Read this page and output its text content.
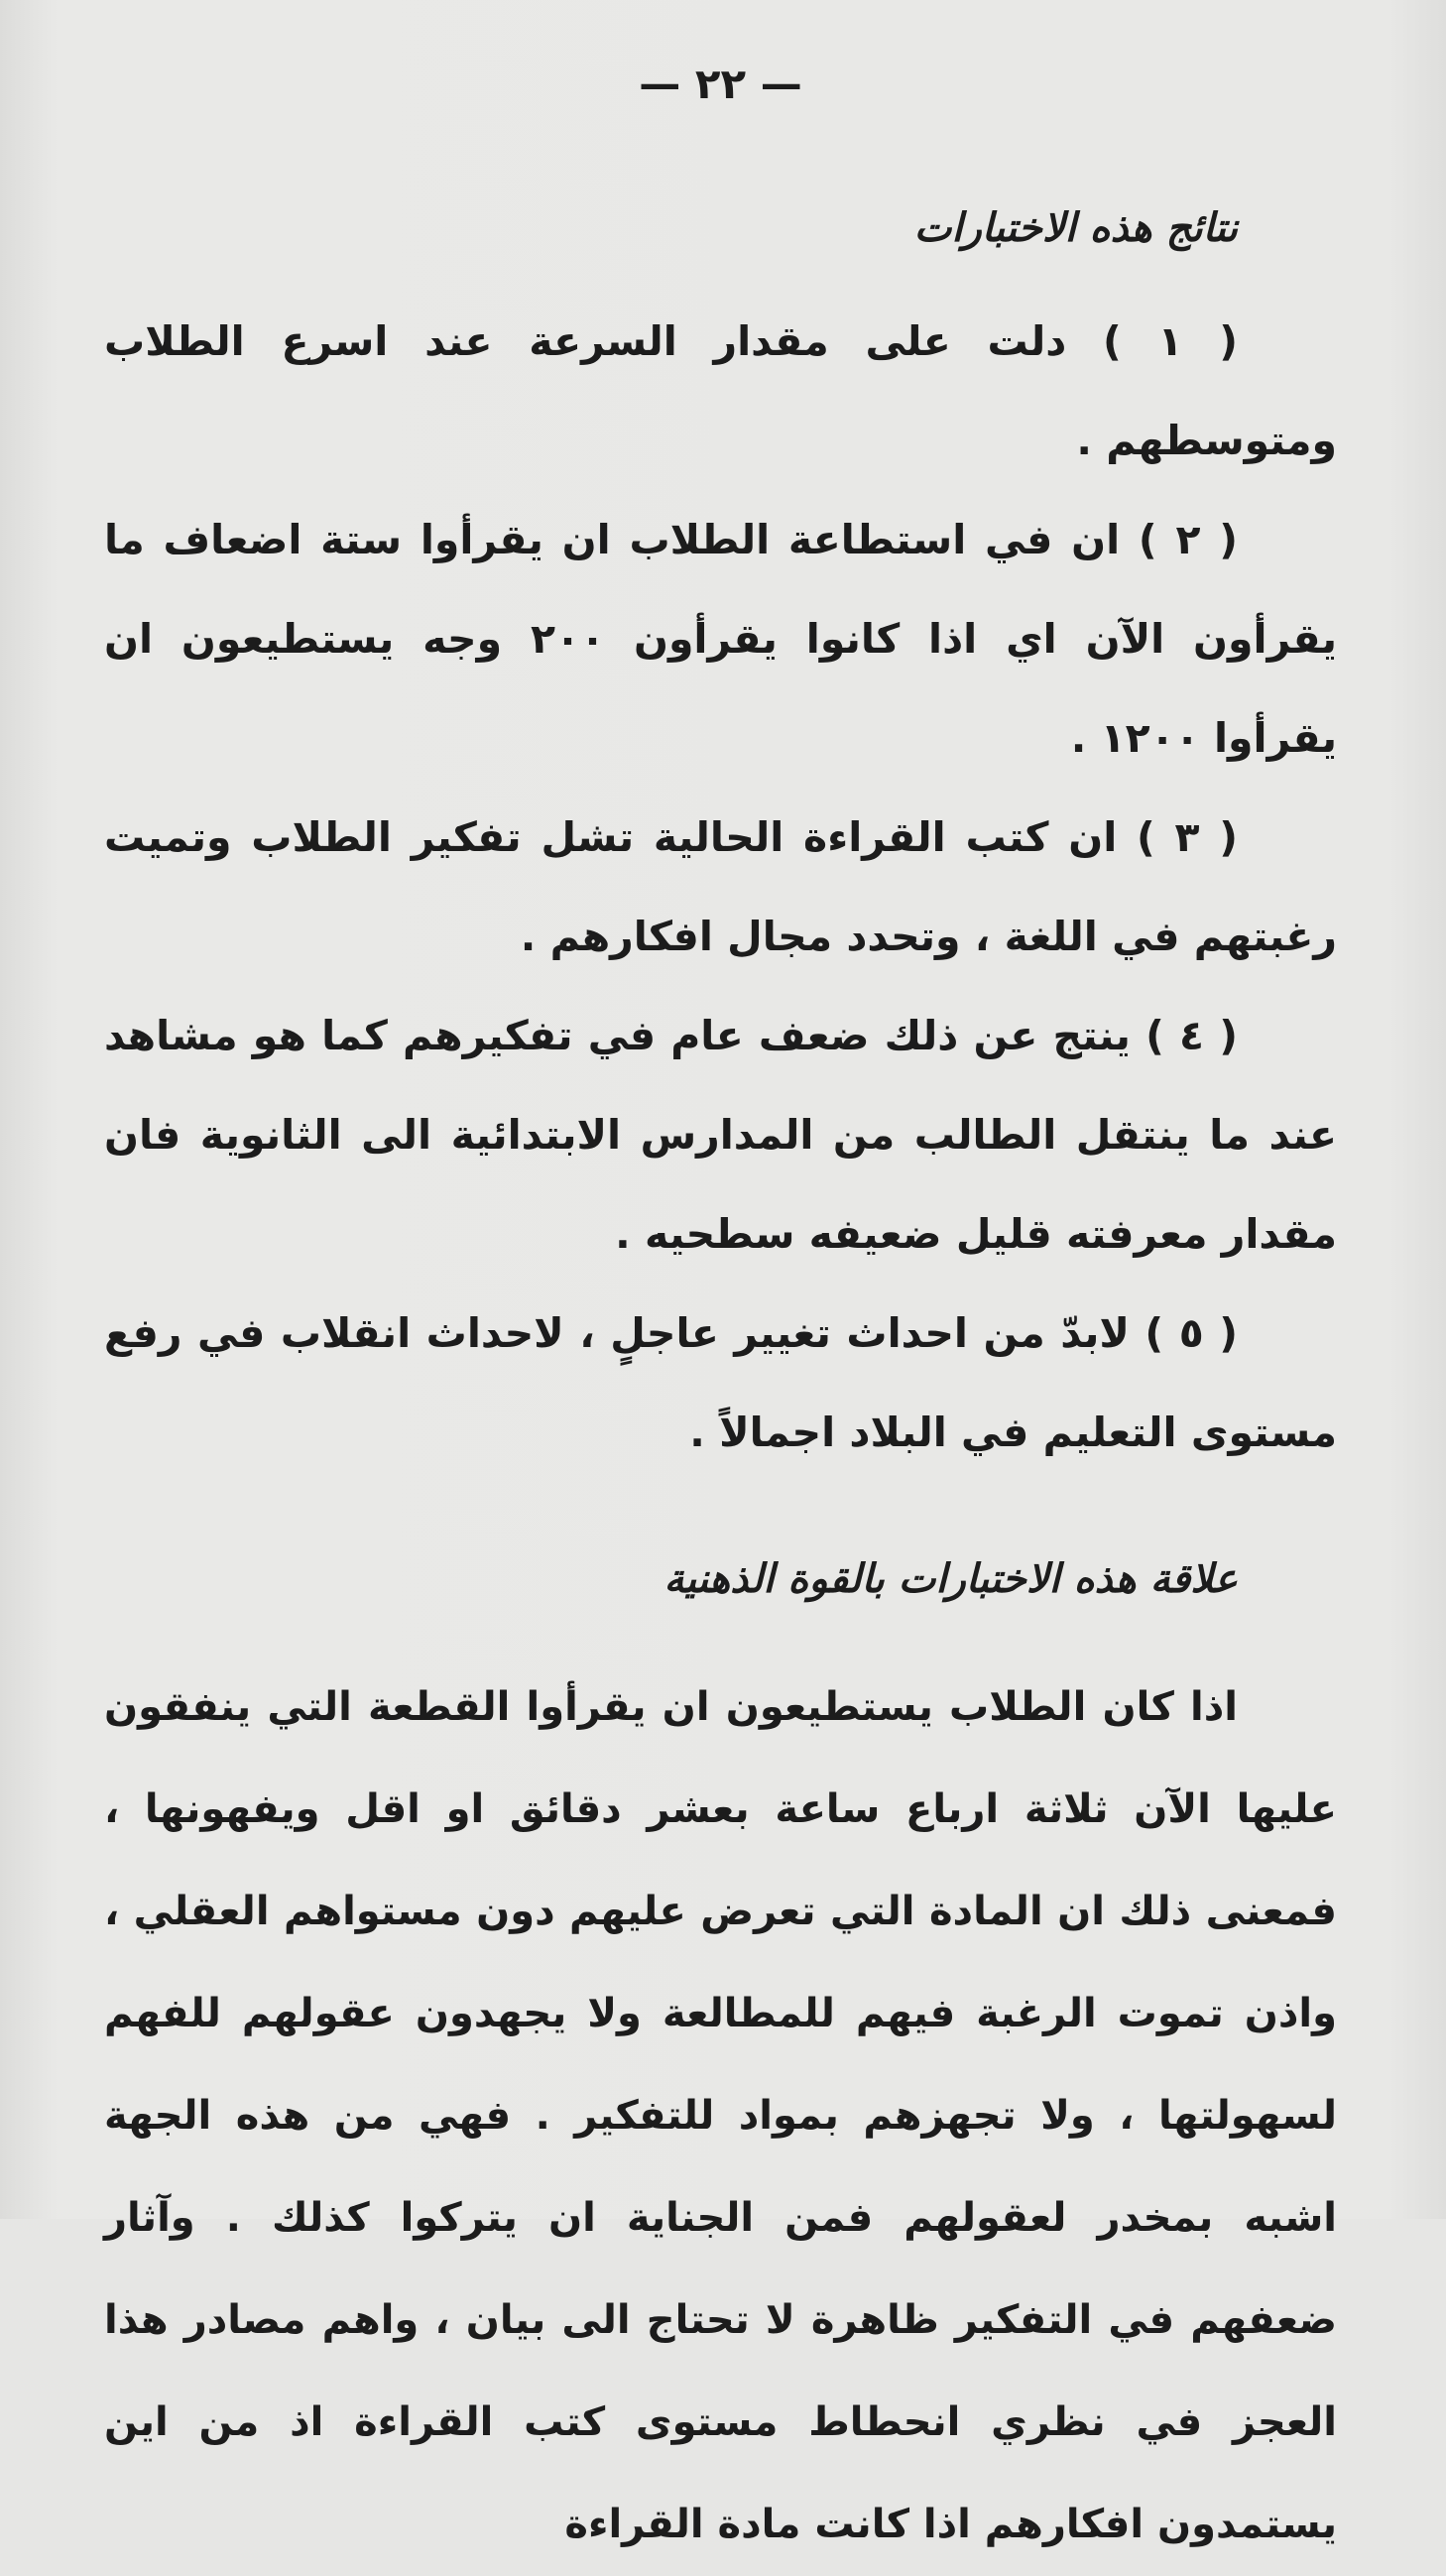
— ٢٢ —
نتائج هذه الاختبارات

( ١ ) دلت على مقدار السرعة عند اسرع الطلاب ومتوسطهم .

( ٢ ) ان في استطاعة الطلاب ان يقرأوا ستة اضعاف ما يقرأون الآن اي اذا كانوا يقرأون ٢٠٠ وجه يستطيعون ان يقرأوا ١٢٠٠ .

( ٣ ) ان كتب القراءة الحالية تشل تفكير الطلاب وتميت رغبتهم في اللغة ، وتحدد مجال افكارهم .

( ٤ ) ينتج عن ذلك ضعف عام في تفكيرهم كما هو مشاهد عند ما ينتقل الطالب من المدارس الابتدائية الى الثانوية فان مقدار معرفته قليل ضعيفه سطحيه .

( ٥ ) لابدّ من احداث تغيير عاجلٍ ، لاحداث انقلاب في رفع مستوى التعليم في البلاد اجمالاً .

علاقة هذه الاختبارات بالقوة الذهنية

اذا كان الطلاب يستطيعون ان يقرأوا القطعة التي ينفقون عليها الآن ثلاثة ارباع ساعة بعشر دقائق او اقل ويفهونها ، فمعنى ذلك ان المادة التي تعرض عليهم دون مستواهم العقلي ، واذن تموت الرغبة فيهم للمطالعة ولا يجهدون عقولهم للفهم لسهولتها ، ولا تجهزهم بمواد للتفكير . فهي من هذه الجهة اشبه بمخدر لعقولهم فمن الجناية ان يتركوا كذلك . وآثار ضعفهم في التفكير ظاهرة لا تحتاج الى بيان ، واهم مصادر هذا العجز في نظري انحطاط مستوى كتب القراءة اذ من اين يستمدون افكارهم اذا كانت مادة القراءة
